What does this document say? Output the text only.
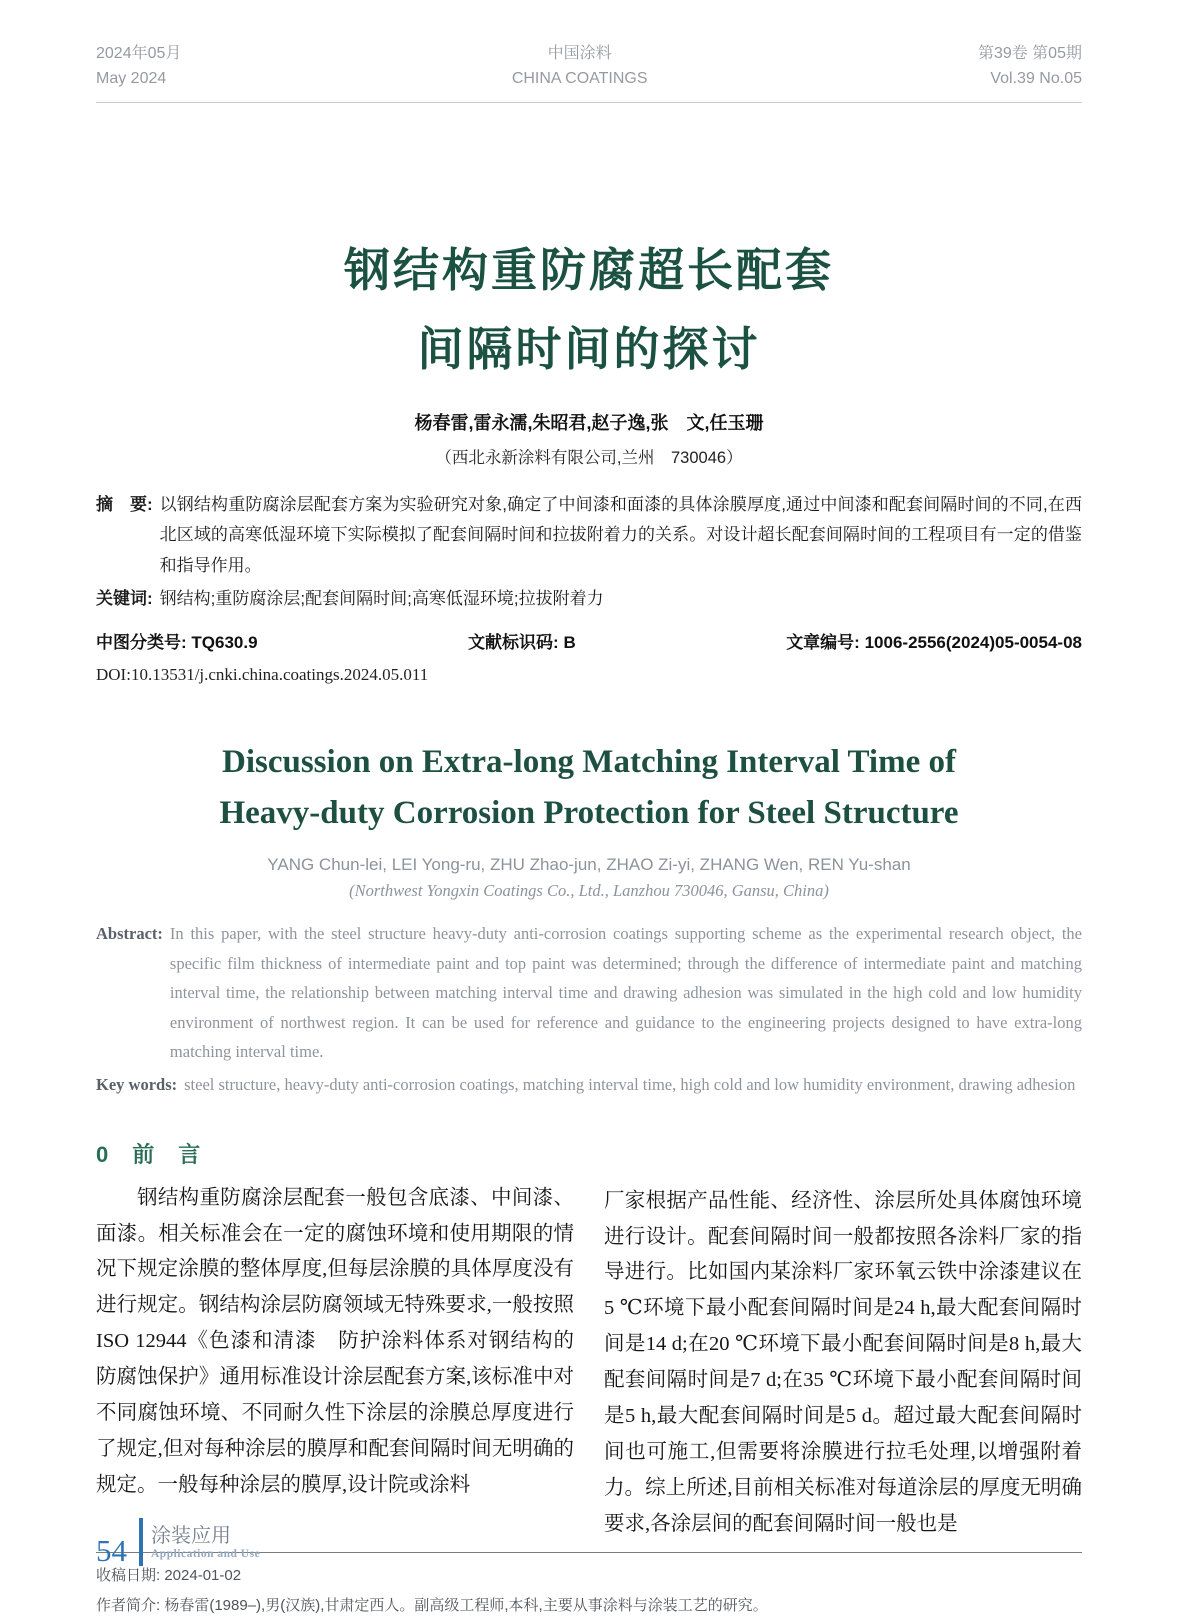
2024年05月
May 2024
中国涂料
CHINA COATINGS
第39卷 第05期
Vol.39 No.05
钢结构重防腐超长配套
间隔时间的探讨
杨春雷,雷永濡,朱昭君,赵子逸,张　文,任玉珊
（西北永新涂料有限公司,兰州　730046）
摘　要: 以钢结构重防腐涂层配套方案为实验研究对象,确定了中间漆和面漆的具体涂膜厚度,通过中间漆和配套间隔时间的不同,在西北区域的高寒低湿环境下实际模拟了配套间隔时间和拉拔附着力的关系。对设计超长配套间隔时间的工程项目有一定的借鉴和指导作用。
关键词: 钢结构;重防腐涂层;配套间隔时间;高寒低湿环境;拉拔附着力
中图分类号: TQ630.9	文献标识码: B	文章编号: 1006-2556(2024)05-0054-08
DOI:10.13531/j.cnki.china.coatings.2024.05.011
Discussion on Extra-long Matching Interval Time of
Heavy-duty Corrosion Protection for Steel Structure
YANG Chun-lei, LEI Yong-ru, ZHU Zhao-jun, ZHAO Zi-yi, ZHANG Wen, REN Yu-shan
(Northwest Yongxin Coatings Co., Ltd., Lanzhou 730046, Gansu, China)
Abstract: In this paper, with the steel structure heavy-duty anti-corrosion coatings supporting scheme as the experimental research object, the specific film thickness of intermediate paint and top paint was determined; through the difference of intermediate paint and matching interval time, the relationship between matching interval time and drawing adhesion was simulated in the high cold and low humidity environment of northwest region. It can be used for reference and guidance to the engineering projects designed to have extra-long matching interval time.
Key words: steel structure, heavy-duty anti-corrosion coatings, matching interval time, high cold and low humidity environment, drawing adhesion
0　前　言

钢结构重防腐涂层配套一般包含底漆、中间漆、面漆。相关标准会在一定的腐蚀环境和使用期限的情况下规定涂膜的整体厚度,但每层涂膜的具体厚度没有进行规定。钢结构涂层防腐领域无特殊要求,一般按照ISO 12944《色漆和清漆　防护涂料体系对钢结构的防腐蚀保护》通用标准设计涂层配套方案,该标准中对不同腐蚀环境、不同耐久性下涂层的涂膜总厚度进行了规定,但对每种涂层的膜厚和配套间隔时间无明确的规定。一般每种涂层的膜厚,设计院或涂料

厂家根据产品性能、经济性、涂层所处具体腐蚀环境进行设计。配套间隔时间一般都按照各涂料厂家的指导进行。比如国内某涂料厂家环氧云铁中涂漆建议在5 ℃环境下最小配套间隔时间是24 h,最大配套间隔时间是14 d;在20 ℃环境下最小配套间隔时间是8 h,最大配套间隔时间是7 d;在35 ℃环境下最小配套间隔时间是5 h,最大配套间隔时间是5 d。超过最大配套间隔时间也可施工,但需要将涂膜进行拉毛处理,以增强附着力。综上所述,目前相关标准对每道涂层的厚度无明确要求,各涂层间的配套间隔时间一般也是

收稿日期: 2024-01-02
作者简介: 杨春雷(1989–),男(汉族),甘肃定西人。副高级工程师,本科,主要从事涂料与涂装工艺的研究。
54 涂装应用
Application and Use
